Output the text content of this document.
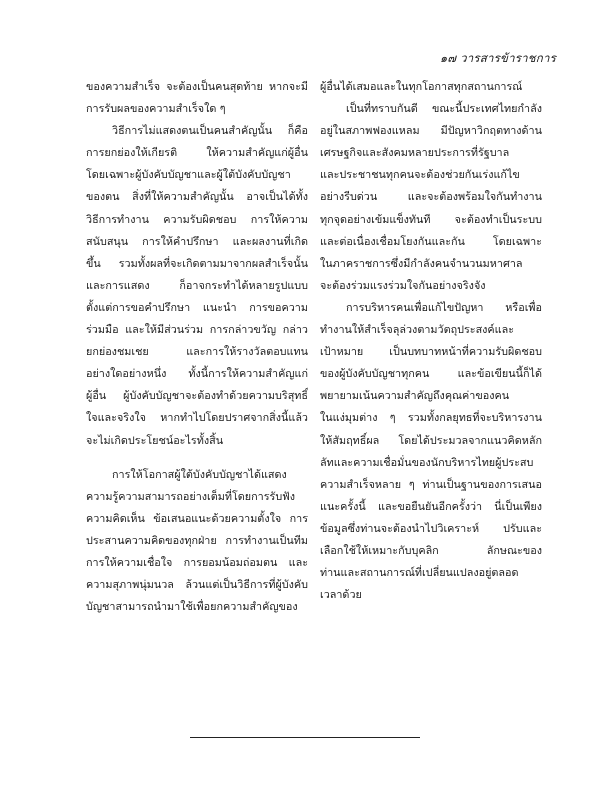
๑๗ วารสารข้าราชการ
ของความสำเร็จ จะต้องเป็นคนสุดท้าย หากจะมี
การรับผลของความสำเร็จใด ๆ
วิธีการไม่แสดงตนเป็นคนสำคัญนั้น ก็คือ
การยกย่องให้เกียรติ ให้ความสำคัญแก่ผู้อื่น
โดยเฉพาะผู้บังคับบัญชาและผู้ใต้บังคับบัญชา
ของตน สิ่งที่ให้ความสำคัญนั้น อาจเป็นได้ทั้ง
วิธีการทำงาน ความรับผิดชอบ การให้ความ
สนับสนุน การให้คำปรึกษา และผลงานที่เกิด
ขึ้น รวมทั้งผลที่จะเกิดตามมาจากผลสำเร็จนั้น
และการแสดง ก็อาจกระทำได้หลายรูปแบบ
ตั้งแต่การขอคำปรึกษา แนะนำ การขอความ
ร่วมมือ และให้มีส่วนร่วม การกล่าวขวัญ กล่าว
ยกย่องชมเชย และการให้รางวัลตอบแทน
อย่างใดอย่างหนึ่ง ทั้งนี้การให้ความสำคัญแก่
ผู้อื่น ผู้บังคับบัญชาจะต้องทำด้วยความบริสุทธิ์
ใจและจริงใจ หากทำไปโดยปราศจากสิ่งนี้แล้ว
จะไม่เกิดประโยชน์อะไรทั้งสิ้น
การให้โอกาสผู้ใต้บังคับบัญชาได้แสดง
ความรู้ความสามารถอย่างเต็มที่โดยการรับฟัง
ความคิดเห็น ข้อเสนอแนะด้วยความตั้งใจ การ
ประสานความคิดของทุกฝ่าย การทำงานเป็นทีม
การให้ความเชื่อใจ การยอมน้อมถ่อมตน และ
ความสุภาพนุ่มนวล ล้วนแต่เป็นวิธีการที่ผู้บังคับ
บัญชาสามารถนำมาใช้เพื่อยกความสำคัญของ
ผู้อื่นได้เสมอและในทุกโอกาสทุกสถานการณ์
เป็นที่ทราบกันดี ขณะนี้ประเทศไทยกำลัง
อยู่ในสภาพฟองแหลม มีปัญหาวิกฤตทางด้าน
เศรษฐกิจและสังคมหลายประการที่รัฐบาล
และประชาชนทุกคนจะต้องช่วยกันเร่งแก้ไข
อย่างรีบด่วน และจะต้องพร้อมใจกันทำงาน
ทุกจุดอย่างเข้มแข็งทันที จะต้องทำเป็นระบบ
และต่อเนื่องเชื่อมโยงกันและกัน โดยเฉพาะ
ในภาคราชการซึ่งมีกำลังคนจำนวนมหาศาล
จะต้องร่วมแรงร่วมใจกันอย่างจริงจัง
การบริหารคนเพื่อแก้ไขปัญหา หรือเพื่อ
ทำงานให้สำเร็จลุล่วงตามวัตถุประสงค์และ
เป้าหมาย เป็นบทบาทหน้าที่ความรับผิดชอบ
ของผู้บังคับบัญชาทุกคน และข้อเขียนนี้ก็ได้
พยายามเน้นความสำคัญถึงคุณค่าของคน
ในแง่มุมต่าง ๆ รวมทั้งกลยุทธที่จะบริหารงาน
ให้สัมฤทธิ์ผล โดยได้ประมวลจากแนวคิดหลัก
ลัทและความเชื่อมั่นของนักบริหารไทยผู้ประสบ
ความสำเร็จหลาย ๆ ท่านเป็นฐานของการเสนอ
แนะครั้งนี้ และขอยืนยันอีกครั้งว่า นี่เป็นเพียง
ข้อมูลซึ่งท่านจะต้องนำไปวิเคราะห์ ปรับและ
เลือกใช้ให้เหมาะกับบุคลิก ลักษณะของ
ท่านและสถานการณ์ที่เปลี่ยนแปลงอยู่ตลอด
เวลาด้วย
